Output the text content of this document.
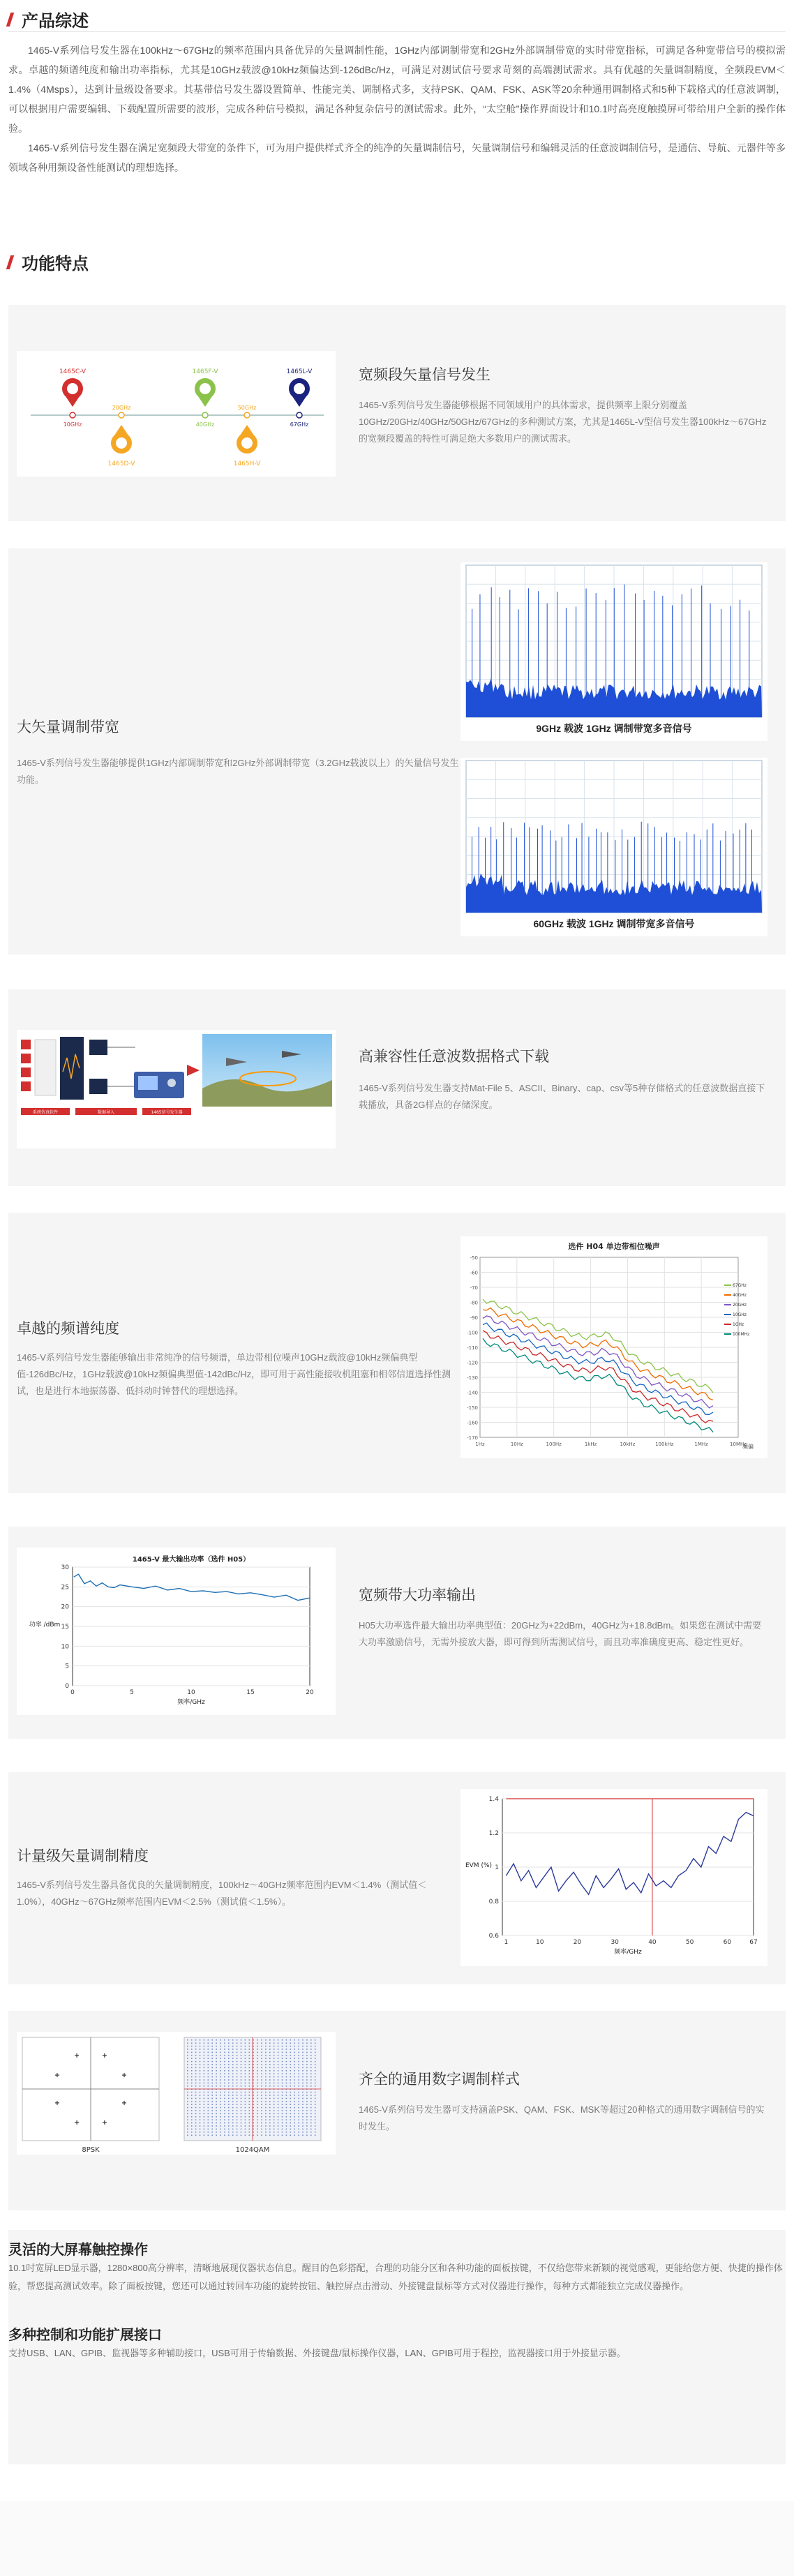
产品综述

1465-V系列信号发生器在100kHz～67GHz的频率范围内具备优异的矢量调制性能，1GHz内部调制带宽和2GHz外部调制带宽的实时带宽指标，可满足各种宽带信号的模拟需求。卓越的频谱纯度和输出功率指标，尤其是10GHz载波@10kHz频偏达到-126dBc/Hz，可满足对测试信号要求苛刻的高端测试需求。具有优越的矢量调制精度，全频段EVM＜1.4%（4Msps），达到计量级设备要求。其基带信号发生器设置简单、性能完美、调制格式多，支持PSK、QAM、FSK、ASK等20余种通用调制格式和5种下载格式的任意波调制，可以根据用户需要编辑、下载配置所需要的波形，完成各种信号模拟，满足各种复杂信号的测试需求。此外，“太空舱”操作界面设计和10.1吋高亮度触摸屏可带给用户全新的操作体验。

1465-V系列信号发生器在满足宽频段大带宽的条件下，可为用户提供样式齐全的纯净的矢量调制信号，矢量调制信号和编辑灵活的任意波调制信号，是通信、导航、元器件等多领域各种用频设备性能测试的理想选择。

功能特点
1465C-V
10GHz
20GHz
1465D-V
1465F-V
40GHz
50GHz
1465H-V
1465L-V
67GHz
宽频段矢量信号发生
1465-V系列信号发生器能够根据不同领域用户的具体需求，提供频率上限分别覆盖10GHz/20GHz/40GHz/50GHz/67GHz的多种测试方案，尤其是1465L-V型信号发生器100kHz～67GHz的宽频段覆盖的特性可满足绝大多数用户的测试需求。
大矢量调制带宽
1465-V系列信号发生器能够提供1GHz内部调制带宽和2GHz外部调制带宽（3.2GHz载波以上）的矢量信号发生功能。
9GHz 载波 1GHz 调制带宽多音信号
60GHz 载波 1GHz 调制带宽多音信号
系统仿真软件	数据导入	1465信号发生器
高兼容性任意波数据格式下载
1465-V系列信号发生器支持Mat-File 5、ASCII、Binary、cap、csv等5种存储格式的任意波数据直接下载播放，具备2G样点的存储深度。
卓越的频谱纯度
1465-V系列信号发生器能够输出非常纯净的信号频谱，单边带相位噪声10GHz载波@10kHz频偏典型值-126dBc/Hz，1GHz载波@10kHz频偏典型值-142dBc/Hz，即可用于高性能接收机阻塞和相邻信道选择性测试，也是进行本地振荡器、低抖动时钟替代的理想选择。
选件 H04 单边带相位噪声
-50
-60
-70
-80
-90
-100
-110
-120
-130
-140
-150
-160
-170
1Hz	10Hz	100Hz	1kHz	10kHz	100kHz	1MHz	10MHz
67GHz
40GHz
20GHz
10GHz
1GHz
100MHz
频偏
0
5
10
15
20
25
30
0	5	10	15	20
1465-V 最大输出功率（选件 H05）
频率/GHz
功率 /dBm
宽频带大功率输出
H05大功率选件最大输出功率典型值：20GHz为+22dBm，40GHz为+18.8dBm。如果您在测试中需要大功率激励信号，无需外接放大器，即可得到所需测试信号，而且功率准确度更高、稳定性更好。
计量级矢量调制精度
1465-V系列信号发生器具备优良的矢量调制精度，100kHz～40GHz频率范围内EVM＜1.4%（测试值＜1.0%），40GHz～67GHz频率范围内EVM＜2.5%（测试值＜1.5%）。
0.6
0.8
1
1.2
1.4
1	10	20	30	40	50	60	67
频率/GHz
EVM (%)
8PSK	1024QAM
齐全的通用数字调制样式
1465-V系列信号发生器可支持涵盖PSK、QAM、FSK、MSK等超过20种格式的通用数字调制信号的实时发生。
灵活的大屏幕触控操作
10.1吋宽屏LED显示器，1280×800高分辨率，清晰地展现仪器状态信息。醒目的色彩搭配，合理的功能分区和各种功能的面板按键，不仅给您带来新颖的视觉感观，更能给您方便、快捷的操作体验，帮您提高测试效率。除了面板按键，您还可以通过转回车功能的旋转按钮、触控屏点击滑动、外接键盘鼠标等方式对仪器进行操作，每种方式都能独立完成仪器操作。
多种控制和功能扩展接口
支持USB、LAN、GPIB、监视器等多种辅助接口，USB可用于传输数据、外接键盘/鼠标操作仪器，LAN、GPIB可用于程控，监视器接口用于外接显示器。
